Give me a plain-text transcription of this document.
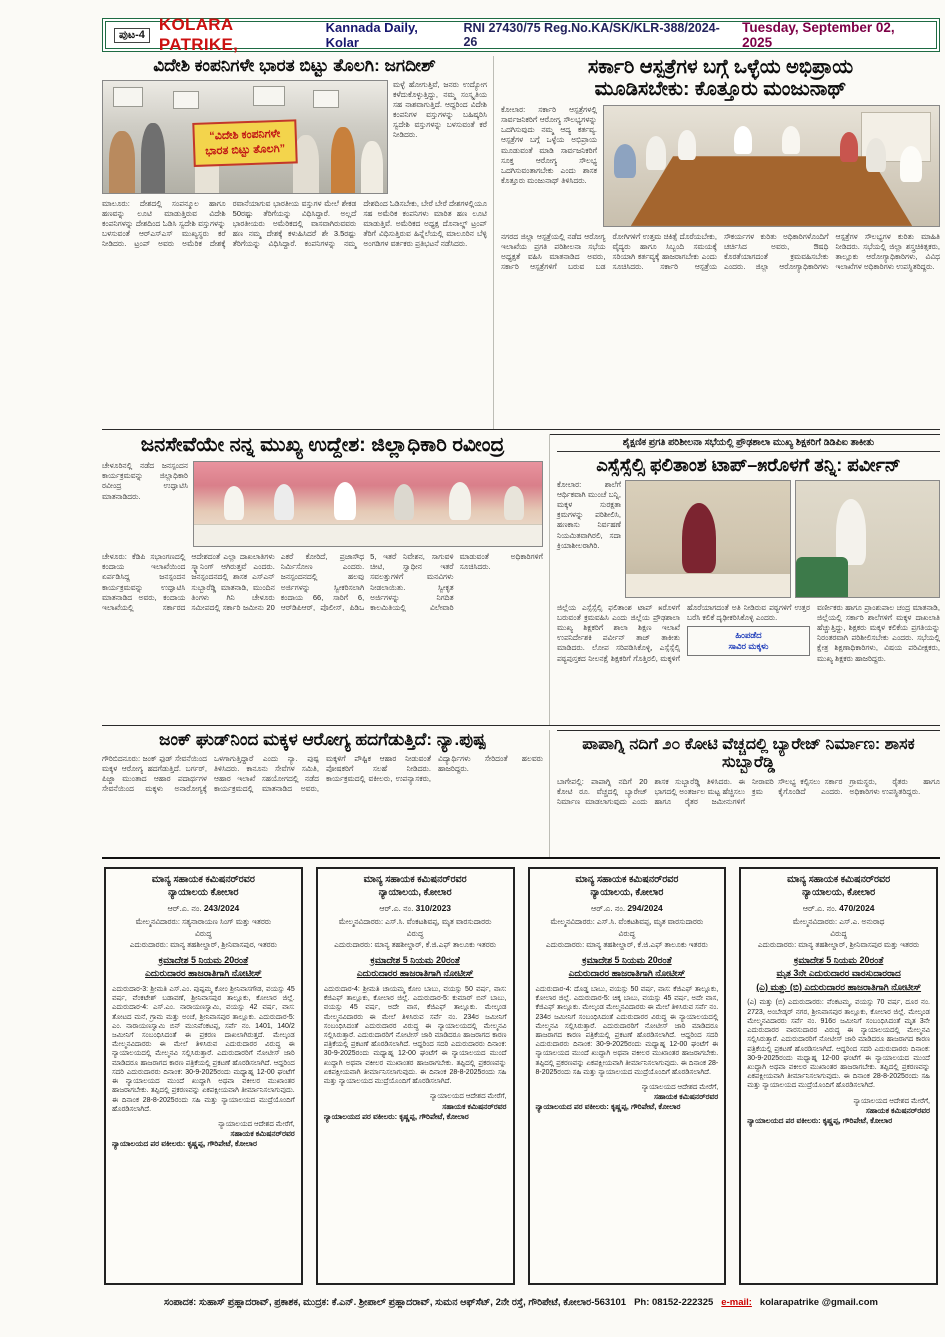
ಪುಟ-4
KOLARA PATRIKE,
Kannada Daily, Kolar
RNI 27430/75 Reg.No.KA/SK/KLR-388/2024-26
Tuesday, September 02, 2025
ವಿದೇಶಿ ಕಂಪನಿಗಳೇ ಭಾರತ ಬಿಟ್ಟು ತೊಲಗಿ: ಜಗದೀಶ್
“ವಿದೇಶಿ ಕಂಪನಿಗಳೇ
ಭಾರತ ಬಿಟ್ಟು ತೊಲಗಿ”
ಮಳ್ಳೆ ಹೋಗುತ್ತಿವೆ, ಜನರು ಉದ್ಯೋಗ ಕಳೆದುಕೊಳ್ಳುತ್ತಿದ್ದು, ನಮ್ಮ ಸಂಸ್ಕೃತಿಯ ಸಹ ನಾಶವಾಗುತ್ತಿದೆ. ಆದ್ದರಿಂದ ವಿದೇಶಿ ಕಂಪನಿಗಳ ವಸ್ತುಗಳನ್ನು ಬಹಿಷ್ಕರಿಸಿ ಸ್ವದೇಶಿ ವಸ್ತುಗಳನ್ನು ಬಳಸುವಂತೆ ಕರೆ ನೀಡಿದರು.
ಮಾಲೂರು: ದೇಶದಲ್ಲಿ ಸಂಪನ್ಮೂಲ ಹಾಗೂ ಹಣವನ್ನು ಲೂಟಿ ಮಾಡುತ್ತಿರುವ ವಿದೇಶಿ ಕಂಪನಿಗಳನ್ನು ದೇಶದಿಂದ ಓಡಿಸಿ ಸ್ವದೇಶಿ ವಸ್ತುಗಳನ್ನು ಬಳಸುವಂತೆ ಆರ್‌ಎಸ್‌ಎಸ್ ಮುಖ್ಯಸ್ಥರು ಕರೆ ನೀಡಿದರು. ಟ್ರಂಪ್ ಅವರು ಅಮೆರಿಕ ದೇಶಕ್ಕೆ ರವಾನೆಯಾಗುವ ಭಾರತೀಯ ವಸ್ತುಗಳ ಮೇಲೆ ಶೇಕಡ 50ರಷ್ಟು ತೆರಿಗೆಯನ್ನು ವಿಧಿಸಿದ್ದಾರೆ. ಅಲ್ಲದೆ ಭಾರತೀಯರು ಅಮೆರಿಕದಲ್ಲಿ ವಾಸವಾಗಿರುವವರು ಹಣ ನಮ್ಮ ದೇಶಕ್ಕೆ ಕಳುಹಿಸಿದರೆ ಶೇ 3.5ರಷ್ಟು ತೆರಿಗೆಯನ್ನು ವಿಧಿಸಿದ್ದಾರೆ. ಕಂಪನಿಗಳನ್ನು ನಮ್ಮ ದೇಶದಿಂದ ಓಡಿಸಬೇಕು, ಬೇರೆ ಬೇರೆ ದೇಶಗಳಲ್ಲಿಯೂ ಸಹ ಅಮೆರಿಕ ಕಂಪನಿಗಳು ಮಾರಿತ ಹಣ ಲೂಟಿ ಮಾಡುತ್ತಿವೆ. ಅಮೆರಿಕದ ಅಧ್ಯಕ್ಷ ದೊನಾಲ್ಡ್ ಟ್ರಂಪ್ ತೆರಿಗೆ ವಿಧಿಸುತ್ತಿರುವ ಹಿನ್ನೆಲೆಯಲ್ಲಿ ಮಾಲೂರಿನ ಬೆಳ್ಳಿ ಅಂಗಡಿಗಳ ವರ್ತಕರು ಪ್ರತಿಭಟನೆ ನಡೆಸಿದರು.
ಸರ್ಕಾರಿ ಆಸ್ಪತ್ರೆಗಳ ಬಗ್ಗೆ ಒಳ್ಳೆಯ ಅಭಿಪ್ರಾಯ
ಮೂಡಿಸಬೇಕು: ಕೊತ್ತೂರು ಮಂಜುನಾಥ್
ಕೋಲಾರ: ಸರ್ಕಾರಿ ಆಸ್ಪತ್ರೆಗಳಲ್ಲಿ ಸಾರ್ವಜನಿಕರಿಗೆ ಆರೋಗ್ಯ ಸೌಲಭ್ಯಗಳನ್ನು ಒದಗಿಸುವುದು ನಮ್ಮ ಆದ್ಯ ಕರ್ತವ್ಯ. ಆಸ್ಪತ್ರೆಗಳ ಬಗ್ಗೆ ಒಳ್ಳೆಯ ಅಭಿಪ್ರಾಯ ಮೂಡುವಂತೆ ಮಾಡಿ ಸಾರ್ವಜನಿಕರಿಗೆ ಸೂಕ್ತ ಆರೋಗ್ಯ ಸೌಲಭ್ಯ ಒದಗಿಸುವಂತಾಗಬೇಕು ಎಂದು ಶಾಸಕ ಕೊತ್ತೂರು ಮಂಜುನಾಥ್ ತಿಳಿಸಿದರು.
ನಗರದ ಜಿಲ್ಲಾ ಆಸ್ಪತ್ರೆಯಲ್ಲಿ ನಡೆದ ಆರೋಗ್ಯ ಇಲಾಖೆಯ ಪ್ರಗತಿ ಪರಿಶೀಲನಾ ಸಭೆಯ ಅಧ್ಯಕ್ಷತೆ ವಹಿಸಿ ಮಾತನಾಡಿದ ಅವರು, ಸರ್ಕಾರಿ ಆಸ್ಪತ್ರೆಗಳಿಗೆ ಬರುವ ಬಡ ರೋಗಿಗಳಿಗೆ ಉತ್ತಮ ಚಿಕಿತ್ಸೆ ದೊರೆಯಬೇಕು, ವೈದ್ಯರು ಹಾಗೂ ಸಿಬ್ಬಂದಿ ಸಮಯಕ್ಕೆ ಸರಿಯಾಗಿ ಕರ್ತವ್ಯಕ್ಕೆ ಹಾಜರಾಗಬೇಕು ಎಂದು ಸೂಚಿಸಿದರು. ಸರ್ಕಾರಿ ಆಸ್ಪತ್ರೆಯ ಸೌಕರ್ಯಗಳ ಕುರಿತು ಅಧಿಕಾರಿಗಳೊಂದಿಗೆ ಚರ್ಚಿಸಿದ ಅವರು, ಔಷಧಿ ಕೊರತೆಯಾಗದಂತೆ ಕ್ರಮವಹಿಸಬೇಕು ಎಂದರು. ಜಿಲ್ಲಾ ಆರೋಗ್ಯಾಧಿಕಾರಿಗಳು ಆಸ್ಪತ್ರೆಗಳ ಸೌಲಭ್ಯಗಳ ಕುರಿತು ಮಾಹಿತಿ ನೀಡಿದರು. ಸಭೆಯಲ್ಲಿ ಜಿಲ್ಲಾ ಶಸ್ತ್ರಚಿಕಿತ್ಸಕರು, ತಾಲ್ಲೂಕು ಆರೋಗ್ಯಾಧಿಕಾರಿಗಳು, ವಿವಿಧ ಇಲಾಖೆಗಳ ಅಧಿಕಾರಿಗಳು ಉಪಸ್ಥಿತರಿದ್ದರು.
ಜನಸೇವೆಯೇ ನನ್ನ ಮುಖ್ಯ ಉದ್ದೇಶ: ಜಿಲ್ಲಾಧಿಕಾರಿ ರವೀಂದ್ರ
ಚೇಳೂರಿನಲ್ಲಿ ನಡೆದ ಜನಸ್ಪಂದನ ಕಾರ್ಯಕ್ರಮವನ್ನು ಜಿಲ್ಲಾಧಿಕಾರಿ ರವೀಂದ್ರ ಉದ್ಘಾಟಿಸಿ ಮಾತನಾಡಿದರು.
ಚೇಳೂರು: ಕೆಡಿಪಿ ಸಭಾಂಗಣದಲ್ಲಿ ಕಂದಾಯ ಇಲಾಖೆಯಿಂದ ಏರ್ಪಡಿಸಿದ್ದ ಜನಸ್ಪಂದನ ಕಾರ್ಯಕ್ರಮವನ್ನು ಉದ್ಘಾಟಿಸಿ ಮಾತನಾಡಿದ ಅವರು, ಕಂದಾಯ ಇಲಾಖೆಯಲ್ಲಿ ಸರ್ಕಾರದ ಆದೇಶದಂತೆ ಎಲ್ಲಾ ದಾಖಲಾತಿಗಳು ಸ್ಕ್ಯಾನಿಂಗ್ ಆಗಿರುತ್ತವೆ ಎಂದರು. ಜನಸ್ಪಂದನದಲ್ಲಿ ಶಾಸಕ ಎಸ್‌ಎನ್ ಸುಬ್ಬಾರೆಡ್ಡಿ ಮಾತನಾಡಿ, ಮುಂದಿನ ತಿಂಗಳು ಗಿನಿ ಚೇಳೂರು ಸಮೀಪದಲ್ಲಿ ಸರ್ಕಾರಿ ಜಮೀನು 20 ಎಕರೆ ಕೋರಿದೆ, ಪ್ರಜಾಸೌಧ ನಿರ್ಮಿಸೋಣ ಎಂದರು. ಜನಸ್ಪಂದನದಲ್ಲಿ ಹಲವು ಅರ್ಜಿಗಳನ್ನು ಸ್ವೀಕರಿಸಲಾಗಿ ಕಂದಾಯ 66, ಸಾರಿಗೆ 6, ಆರ್‌ಡಿಪಿಆರ್, ಪೊಲೀಸ್, ಪಿಡಿಒ 5, ಇತರೆ ನಿವೇಶನ, ಸಾಗುವಳಿ ಚೀಟಿ, ಸ್ವಾಧೀನ ಇತರೆ ಸವಲತ್ತುಗಳಿಗೆ ಮನವಿಗಳು ನೀಡಲಾಯಿತು. ಸ್ವೀಕೃತ ಅರ್ಜಿಗಳನ್ನು ನಿಗದಿತ ಕಾಲಮಿತಿಯಲ್ಲಿ ವಿಲೇವಾರಿ ಮಾಡುವಂತೆ ಅಧಿಕಾರಿಗಳಿಗೆ ಸೂಚಿಸಿದರು.
ಶೈಕ್ಷಣಿಕ ಪ್ರಗತಿ ಪರಿಶೀಲನಾ ಸಭೆಯಲ್ಲಿ ಪ್ರೌಢಶಾಲಾ ಮುಖ್ಯ ಶಿಕ್ಷಕರಿಗೆ ಡಿಡಿಪಿಐ ತಾಕೀತು
ಎಸ್ಸೆಸ್ಸೆಲ್ಸಿ ಫಲಿತಾಂಶ ಟಾಪ್–೫ರೊಳಗೆ ತನ್ನಿ: ಪರ್ವೀನ್
ಕೋಲಾರ: ಶಾಲೆಗೆ ಆರ್ಥಿಕವಾಗಿ ಮುಂಚೆ ಬನ್ನಿ, ಮಕ್ಕಳ ಸುರಕ್ಷತಾ ಕ್ರಮಗಳನ್ನು ಪರಿಶೀಲಿಸಿ, ಹಣಕಾಸು ನಿರ್ವಹಣೆ ನಿಯಮಿತವಾಗಿರಲಿ, ಸದಾ ಕ್ರಿಯಾಶೀಲರಾಗಿರಿ.
ಜಿಲ್ಲೆಯ ಎಸ್ಸೆಸ್ಸೆಲ್ಸಿ ಫಲಿತಾಂಶ ಟಾಪ್ ೫ರೊಳಗೆ ಬರುವಂತೆ ಕ್ರಮವಹಿಸಿ ಎಂದು ಜಿಲ್ಲೆಯ ಪ್ರೌಢಶಾಲಾ ಮುಖ್ಯ ಶಿಕ್ಷಕರಿಗೆ ಶಾಲಾ ಶಿಕ್ಷಣ ಇಲಾಖೆ ಉಪನಿರ್ದೇಶಕಿ ಪರ್ವೀನ್ ತಾಜ್ ತಾಕೀತು ಮಾಡಿದರು. ಲೋಪ ಸರಿಪಡಿಸಿಕೊಳ್ಳಿ, ಎಸ್ಸೆಸ್ಸೆಲ್ಸಿ ಪಠ್ಯಪುಸ್ತಕದ ನೀಲನಕ್ಷೆ ಶಿಕ್ಷಕರಿಗೆ ಗೊತ್ತಿರಲಿ, ಮಕ್ಕಳಿಗೆ ಹೊರೆಯಾಗದಂತೆ ಅತಿ ನೀಡಿರುವ ಪಠ್ಯಗಳಿಗೆ ಉತ್ತರ ಬರೆಸಿ ಕಲಿಕೆ ದೃಢೀಕರಿಸಿಕೊಳ್ಳಿ ಎಂದರು.
ಹಿಂಪಡೆದ
ಸಾವಿರ ಮಕ್ಕಳು
ವರ್ಣೀಕರು ಹಾಗೂ ಪ್ರಾಂಶುಪಾಲ ಚಂದ್ರ ಮಾತನಾಡಿ, ಜಿಲ್ಲೆಯಲ್ಲಿ ಸರ್ಕಾರಿ ಶಾಲೆಗಳಿಗೆ ಮಕ್ಕಳ ದಾಖಲಾತಿ ಹೆಚ್ಚುತ್ತಿದ್ದು, ಶಿಕ್ಷಕರು ಮಕ್ಕಳ ಕಲಿಕೆಯ ಪ್ರಗತಿಯನ್ನು ನಿರಂತರವಾಗಿ ಪರಿಶೀಲಿಸಬೇಕು ಎಂದರು. ಸಭೆಯಲ್ಲಿ ಕ್ಷೇತ್ರ ಶಿಕ್ಷಣಾಧಿಕಾರಿಗಳು, ವಿಷಯ ಪರಿವೀಕ್ಷಕರು, ಮುಖ್ಯ ಶಿಕ್ಷಕರು ಹಾಜರಿದ್ದರು.
ಜಂಕ್ ಘುಡ್‌ನಿಂದ ಮಕ್ಕಳ ಆರೋಗ್ಯ ಹದಗೆಡುತ್ತಿದೆ: ನ್ಯಾ.ಪುಷ್ಪ
ಗೌರಿಬಿದನೂರು: ಜಂಕ್ ಫುಡ್ ಸೇವನೆಯಿಂದ ಮಕ್ಕಳ ಆರೋಗ್ಯ ಹದಗೆಡುತ್ತಿದೆ. ಬರ್ಗರ್, ಪಿಜ್ಜಾ ಮುಂತಾದ ಆಹಾರ ಪದಾರ್ಥಗಳ ಸೇವನೆಯಿಂದ ಮಕ್ಕಳು ಅನಾರೋಗ್ಯಕ್ಕೆ ಒಳಗಾಗುತ್ತಿದ್ದಾರೆ ಎಂದು ನ್ಯಾ. ಪುಷ್ಪ ತಿಳಿಸಿದರು. ಕಾನೂನು ಸೇವೆಗಳ ಸಮಿತಿ, ಆಹಾರ ಇಲಾಖೆ ಸಹಯೋಗದಲ್ಲಿ ನಡೆದ ಕಾರ್ಯಕ್ರಮದಲ್ಲಿ ಮಾತನಾಡಿದ ಅವರು, ಮಕ್ಕಳಿಗೆ ಪೌಷ್ಟಿಕ ಆಹಾರ ನೀಡುವಂತೆ ಪೋಷಕರಿಗೆ ಸಲಹೆ ನೀಡಿದರು. ಕಾರ್ಯಕ್ರಮದಲ್ಲಿ ವಕೀಲರು, ಉಪನ್ಯಾಸಕರು, ವಿದ್ಯಾರ್ಥಿಗಳು ಸೇರಿದಂತೆ ಹಲವರು ಹಾಜರಿದ್ದರು.
ಪಾಪಾಗ್ನಿ ನದಿಗೆ ೨೦ ಕೋಟಿ ವೆಚ್ಚದಲ್ಲಿ ಬ್ಯಾರೇಜ್ ನಿರ್ಮಾಣ: ಶಾಸಕ ಸುಬ್ಬಾರೆಡ್ಡಿ
ಬಾಗೇಪಲ್ಲಿ: ಪಾಪಾಗ್ನಿ ನದಿಗೆ 20 ಕೋಟಿ ರೂ. ವೆಚ್ಚದಲ್ಲಿ ಬ್ಯಾರೇಜ್ ನಿರ್ಮಾಣ ಮಾಡಲಾಗುವುದು ಎಂದು ಶಾಸಕ ಸುಬ್ಬಾರೆಡ್ಡಿ ತಿಳಿಸಿದರು. ಈ ಭಾಗದಲ್ಲಿ ಅಂತರ್ಜಲ ಮಟ್ಟ ಹೆಚ್ಚಿಸಲು ಹಾಗೂ ರೈತರ ಜಮೀನುಗಳಿಗೆ ನೀರಾವರಿ ಸೌಲಭ್ಯ ಕಲ್ಪಿಸಲು ಸರ್ಕಾರ ಕ್ರಮ ಕೈಗೊಂಡಿದೆ ಎಂದರು. ಗ್ರಾಮಸ್ಥರು, ರೈತರು ಹಾಗೂ ಅಧಿಕಾರಿಗಳು ಉಪಸ್ಥಿತರಿದ್ದರು.
ಮಾನ್ಯ ಸಹಾಯಕ ಕಮಿಷನರ್‌ರವರ
ನ್ಯಾಯಾಲಯ ಕೋಲಾರ
ಆರ್.ಎ. ನಂ. 243/2024
ಮೇಲ್ಮನವಿದಾರರು: ಸತ್ಯನಾರಾಯಣ ಸಿಂಗ್ ಮತ್ತು ಇತರರು
ವಿರುದ್ಧ
ಎದುರುದಾರರು: ಮಾನ್ಯ ತಹಶೀಲ್ದಾರ್, ಶ್ರೀನಿವಾಸಪುರ, ಇತರರು
ಕ್ರಮಾದೇಶ 5 ನಿಯಮ 20ರಂತೆ
ಎದುರುದಾರರ ಹಾಜರಾತಿಗಾಗಿ ನೋಟೀಸ್
ಎದುರುದಾರ-3: ಶ್ರೀಮತಿ ಎಸ್.ಎಂ. ಪುಷ್ಪಮ್ಮ ಕೋಂ ಶ್ರೀನಿವಾಸಗೌಡ, ವಯಸ್ಸು 45 ವರ್ಷ, ವೆಂಕಟೇಶ್ ಬಡಾವಣೆ, ಶ್ರೀನಿವಾಸಪುರ ತಾಲ್ಲೂಕು, ಕೋಲಾರ ಜಿಲ್ಲೆ. ಎದುರುದಾರ-4: ಎಸ್.ಎಂ. ನಾರಾಯಣಸ್ವಾಮಿ, ವಯಸ್ಸು 42 ವರ್ಷ, ವಾಸ: ತೋಟದ ಮನೆ, ಗ್ರಾಮ ಮತ್ತು ಅಂಚೆ, ಶ್ರೀನಿವಾಸಪುರ ತಾಲ್ಲೂಕು. ಎದುರುದಾರ-5: ಎಂ. ನಾರಾಯಣಸ್ವಾಮಿ ಬಿನ್ ಮುನಿವೆಂಕಟಪ್ಪ, ಸರ್ವೆ ನಂ. 1401, 140/2 ಜಮೀನಿಗೆ ಸಂಬಂಧಿಸಿದಂತೆ ಈ ಪ್ರಕರಣ ದಾಖಲಾಗಿರುತ್ತದೆ. ಮೇಲ್ಕಂಡ ಮೇಲ್ಮನವಿದಾರರು ಈ ಮೇಲೆ ತಿಳಿಸಿರುವ ಎದುರುದಾರರ ವಿರುದ್ಧ ಈ ನ್ಯಾಯಾಲಯದಲ್ಲಿ ಮೇಲ್ಮನವಿ ಸಲ್ಲಿಸಿರುತ್ತಾರೆ. ಎದುರುದಾರರಿಗೆ ನೋಟೀಸ್ ಜಾರಿ ಮಾಡಿದರೂ ಹಾಜರಾಗದ ಕಾರಣ ಪತ್ರಿಕೆಯಲ್ಲಿ ಪ್ರಕಟಣೆ ಹೊರಡಿಸಲಾಗಿದೆ. ಆದ್ದರಿಂದ ಸದರಿ ಎದುರುದಾರರು ದಿನಾಂಕ: 30-9-2025ರಂದು ಮಧ್ಯಾಹ್ನ 12-00 ಘಂಟೆಗೆ ಈ ನ್ಯಾಯಾಲಯದ ಮುಂದೆ ಖುದ್ದಾಗಿ ಅಥವಾ ವಕೀಲರ ಮುಖಾಂತರ ಹಾಜರಾಗಬೇಕು. ತಪ್ಪಿದಲ್ಲಿ ಪ್ರಕರಣವನ್ನು ಏಕಪಕ್ಷೀಯವಾಗಿ ತೀರ್ಮಾನಿಸಲಾಗುವುದು. ಈ ದಿನಾಂಕ 28-8-2025ರಂದು ಸಹಿ ಮತ್ತು ನ್ಯಾಯಾಲಯದ ಮುದ್ರೆಯೊಂದಿಗೆ ಹೊರಡಿಸಲಾಗಿದೆ.
ನ್ಯಾಯಾಲಯದ ಆದೇಶದ ಮೇರೆಗೆ,
ಸಹಾಯಕ ಕಮಿಷನರ್‌ರವರ
ನ್ಯಾಯಾಲಯದ ಪರ ವಕೀಲರು: ಕೃಷ್ಣಪ್ಪ, ಗೌರಿಪೇಟೆ, ಕೋಲಾರ
ಮಾನ್ಯ ಸಹಾಯಕ ಕಮಿಷನರ್‌ರವರ
ನ್ಯಾಯಾಲಯ, ಕೋಲಾರ
ಆರ್.ಎ. ನಂ. 310/2023
ಮೇಲ್ಮನವಿದಾರರು: ಎಸ್.ಸಿ. ವೆಂಕಟಶಿವಪ್ಪ, ಮೃತ ವಾರಸುದಾರರು
ವಿರುದ್ಧ
ಎದುರುದಾರರು: ಮಾನ್ಯ ತಹಶೀಲ್ದಾರ್, ಕೆ.ಜಿ.ಎಫ್ ತಾಲೂಕು ಇತರರು
ಕ್ರಮಾದೇಶ 5 ನಿಯಮ 20ರಂತೆ
ಎದುರುದಾರರ ಹಾಜರಾತಿಗಾಗಿ ನೋಟೀಸ್
ಎದುರುದಾರ-4: ಶ್ರೀಮತಿ ಚಾಯಮ್ಮ ಕೋಂ ಬಾಬು, ವಯಸ್ಸು 50 ವರ್ಷ, ವಾಸ: ಕೆಜಿಎಫ್ ತಾಲ್ಲೂಕು, ಕೋಲಾರ ಜಿಲ್ಲೆ. ಎದುರುದಾರ-5: ಕುಮಾರ್ ಬಿನ್ ಬಾಬು, ವಯಸ್ಸು 45 ವರ್ಷ, ಅದೇ ವಾಸ, ಕೆಜಿಎಫ್ ತಾಲ್ಲೂಕು. ಮೇಲ್ಕಂಡ ಮೇಲ್ಮನವಿದಾರರು ಈ ಮೇಲೆ ತಿಳಿಸಿರುವ ಸರ್ವೆ ನಂ. 234ರ ಜಮೀನಿಗೆ ಸಂಬಂಧಿಸಿದಂತೆ ಎದುರುದಾರರ ವಿರುದ್ಧ ಈ ನ್ಯಾಯಾಲಯದಲ್ಲಿ ಮೇಲ್ಮನವಿ ಸಲ್ಲಿಸಿರುತ್ತಾರೆ. ಎದುರುದಾರರಿಗೆ ನೋಟೀಸ್ ಜಾರಿ ಮಾಡಿದರೂ ಹಾಜರಾಗದ ಕಾರಣ ಪತ್ರಿಕೆಯಲ್ಲಿ ಪ್ರಕಟಣೆ ಹೊರಡಿಸಲಾಗಿದೆ. ಆದ್ದರಿಂದ ಸದರಿ ಎದುರುದಾರರು ದಿನಾಂಕ: 30-9-2025ರಂದು ಮಧ್ಯಾಹ್ನ 12-00 ಘಂಟೆಗೆ ಈ ನ್ಯಾಯಾಲಯದ ಮುಂದೆ ಖುದ್ದಾಗಿ ಅಥವಾ ವಕೀಲರ ಮುಖಾಂತರ ಹಾಜರಾಗಬೇಕು. ತಪ್ಪಿದಲ್ಲಿ ಪ್ರಕರಣವನ್ನು ಏಕಪಕ್ಷೀಯವಾಗಿ ತೀರ್ಮಾನಿಸಲಾಗುವುದು. ಈ ದಿನಾಂಕ 28-8-2025ರಂದು ಸಹಿ ಮತ್ತು ನ್ಯಾಯಾಲಯದ ಮುದ್ರೆಯೊಂದಿಗೆ ಹೊರಡಿಸಲಾಗಿದೆ.
ನ್ಯಾಯಾಲಯದ ಆದೇಶದ ಮೇರೆಗೆ,
ಸಹಾಯಕ ಕಮಿಷನರ್‌ರವರ
ನ್ಯಾಯಾಲಯದ ಪರ ವಕೀಲರು: ಕೃಷ್ಣಪ್ಪ, ಗೌರಿಪೇಟೆ, ಕೋಲಾರ
ಮಾನ್ಯ ಸಹಾಯಕ ಕಮಿಷನರ್‌ರವರ
ನ್ಯಾಯಾಲಯ, ಕೋಲಾರ
ಆರ್.ಎ. ನಂ. 294/2024
ಮೇಲ್ಮನವಿದಾರರು: ಎಸ್.ಸಿ. ವೆಂಕಟಶಿವಪ್ಪ, ಮೃತ ವಾರಸುದಾರರು
ವಿರುದ್ಧ
ಎದುರುದಾರರು: ಮಾನ್ಯ ತಹಶೀಲ್ದಾರ್, ಕೆ.ಜಿ.ಎಫ್ ತಾಲೂಕು ಇತರರು
ಕ್ರಮಾದೇಶ 5 ನಿಯಮ 20ರಂತೆ
ಎದುರುದಾರರ ಹಾಜರಾತಿಗಾಗಿ ನೋಟೀಸ್
ಎದುರುದಾರ-4: ದೊಡ್ಡ ಬಾಬು, ವಯಸ್ಸು 50 ವರ್ಷ, ವಾಸ: ಕೆಜಿಎಫ್ ತಾಲ್ಲೂಕು, ಕೋಲಾರ ಜಿಲ್ಲೆ. ಎದುರುದಾರ-5: ಚಿಕ್ಕ ಬಾಬು, ವಯಸ್ಸು 45 ವರ್ಷ, ಅದೇ ವಾಸ, ಕೆಜಿಎಫ್ ತಾಲ್ಲೂಕು. ಮೇಲ್ಕಂಡ ಮೇಲ್ಮನವಿದಾರರು ಈ ಮೇಲೆ ತಿಳಿಸಿರುವ ಸರ್ವೆ ನಂ. 234ರ ಜಮೀನಿಗೆ ಸಂಬಂಧಿಸಿದಂತೆ ಎದುರುದಾರರ ವಿರುದ್ಧ ಈ ನ್ಯಾಯಾಲಯದಲ್ಲಿ ಮೇಲ್ಮನವಿ ಸಲ್ಲಿಸಿರುತ್ತಾರೆ. ಎದುರುದಾರರಿಗೆ ನೋಟೀಸ್ ಜಾರಿ ಮಾಡಿದರೂ ಹಾಜರಾಗದ ಕಾರಣ ಪತ್ರಿಕೆಯಲ್ಲಿ ಪ್ರಕಟಣೆ ಹೊರಡಿಸಲಾಗಿದೆ. ಆದ್ದರಿಂದ ಸದರಿ ಎದುರುದಾರರು ದಿನಾಂಕ: 30-9-2025ರಂದು ಮಧ್ಯಾಹ್ನ 12-00 ಘಂಟೆಗೆ ಈ ನ್ಯಾಯಾಲಯದ ಮುಂದೆ ಖುದ್ದಾಗಿ ಅಥವಾ ವಕೀಲರ ಮುಖಾಂತರ ಹಾಜರಾಗಬೇಕು. ತಪ್ಪಿದಲ್ಲಿ ಪ್ರಕರಣವನ್ನು ಏಕಪಕ್ಷೀಯವಾಗಿ ತೀರ್ಮಾನಿಸಲಾಗುವುದು. ಈ ದಿನಾಂಕ 28-8-2025ರಂದು ಸಹಿ ಮತ್ತು ನ್ಯಾಯಾಲಯದ ಮುದ್ರೆಯೊಂದಿಗೆ ಹೊರಡಿಸಲಾಗಿದೆ.
ನ್ಯಾಯಾಲಯದ ಆದೇಶದ ಮೇರೆಗೆ,
ಸಹಾಯಕ ಕಮಿಷನರ್‌ರವರ
ನ್ಯಾಯಾಲಯದ ಪರ ವಕೀಲರು: ಕೃಷ್ಣಪ್ಪ, ಗೌರಿಪೇಟೆ, ಕೋಲಾರ
ಮಾನ್ಯ ಸಹಾಯಕ ಕಮಿಷನರ್‌ರವರ
ನ್ಯಾಯಾಲಯ, ಕೋಲಾರ
ಆರ್.ಎ. ನಂ. 470/2024
ಮೇಲ್ಮನವಿದಾರರು: ಎಸ್.ಎ. ಅನುರಾಧ
ವಿರುದ್ಧ
ಎದುರುದಾರರು: ಮಾನ್ಯ ತಹಶೀಲ್ದಾರ್, ಶ್ರೀನಿವಾಸಪುರ ಮತ್ತು ಇತರರು
ಕ್ರಮಾದೇಶ 5 ನಿಯಮ 20ರಂತೆ
ಮೃತ 3ನೇ ಎದುರುದಾರರ ವಾರಸುದಾರರಾದ
(ಎ) ಮತ್ತು (ಬಿ) ಎದುರುದಾರರ ಹಾಜರಾತಿಗಾಗಿ ನೋಟೀಸ್
(ಎ) ಮತ್ತು (ಬಿ) ಎದುರುದಾರರು: ವೆಂಕಟಮ್ಮ, ವಯಸ್ಸು 70 ವರ್ಷ, ದೂರ ನಂ. 2723, ಅಂಬೇಡ್ಕರ್ ನಗರ, ಶ್ರೀನಿವಾಸಪುರ ತಾಲ್ಲೂಕು, ಕೋಲಾರ ಜಿಲ್ಲೆ. ಮೇಲ್ಕಂಡ ಮೇಲ್ಮನವಿದಾರರು ಸರ್ವೆ ನಂ. 916ರ ಜಮೀನಿಗೆ ಸಂಬಂಧಿಸಿದಂತೆ ಮೃತ 3ನೇ ಎದುರುದಾರರ ವಾರಸುದಾರರ ವಿರುದ್ಧ ಈ ನ್ಯಾಯಾಲಯದಲ್ಲಿ ಮೇಲ್ಮನವಿ ಸಲ್ಲಿಸಿರುತ್ತಾರೆ. ಎದುರುದಾರರಿಗೆ ನೋಟೀಸ್ ಜಾರಿ ಮಾಡಿದರೂ ಹಾಜರಾಗದ ಕಾರಣ ಪತ್ರಿಕೆಯಲ್ಲಿ ಪ್ರಕಟಣೆ ಹೊರಡಿಸಲಾಗಿದೆ. ಆದ್ದರಿಂದ ಸದರಿ ಎದುರುದಾರರು ದಿನಾಂಕ: 30-9-2025ರಂದು ಮಧ್ಯಾಹ್ನ 12-00 ಘಂಟೆಗೆ ಈ ನ್ಯಾಯಾಲಯದ ಮುಂದೆ ಖುದ್ದಾಗಿ ಅಥವಾ ವಕೀಲರ ಮುಖಾಂತರ ಹಾಜರಾಗಬೇಕು. ತಪ್ಪಿದಲ್ಲಿ ಪ್ರಕರಣವನ್ನು ಏಕಪಕ್ಷೀಯವಾಗಿ ತೀರ್ಮಾನಿಸಲಾಗುವುದು. ಈ ದಿನಾಂಕ 28-8-2025ರಂದು ಸಹಿ ಮತ್ತು ನ್ಯಾಯಾಲಯದ ಮುದ್ರೆಯೊಂದಿಗೆ ಹೊರಡಿಸಲಾಗಿದೆ.
ನ್ಯಾಯಾಲಯದ ಆದೇಶದ ಮೇರೆಗೆ,
ಸಹಾಯಕ ಕಮಿಷನರ್‌ರವರ
ನ್ಯಾಯಾಲಯದ ಪರ ವಕೀಲರು: ಕೃಷ್ಣಪ್ಪ, ಗೌರಿಪೇಟೆ, ಕೋಲಾರ
ಸಂಪಾದಕ: ಸುಹಾಸ್ ಪ್ರಹ್ಲಾದರಾವ್, ಪ್ರಕಾಶಕ, ಮುದ್ರಕ: ಕೆ.ಎನ್. ಶ್ರೀಪಾಲ್ ಪ್ರಹ್ಲಾದರಾವ್, ಸುಮನ ಆಫ್‌ಸೆಟ್, 2ನೇ ರಸ್ತೆ, ಗೌರಿಪೇಟೆ, ಕೋಲಾರ-563101 Ph: 08152-222325 e-mail: kolarapatrike @gmail.com
